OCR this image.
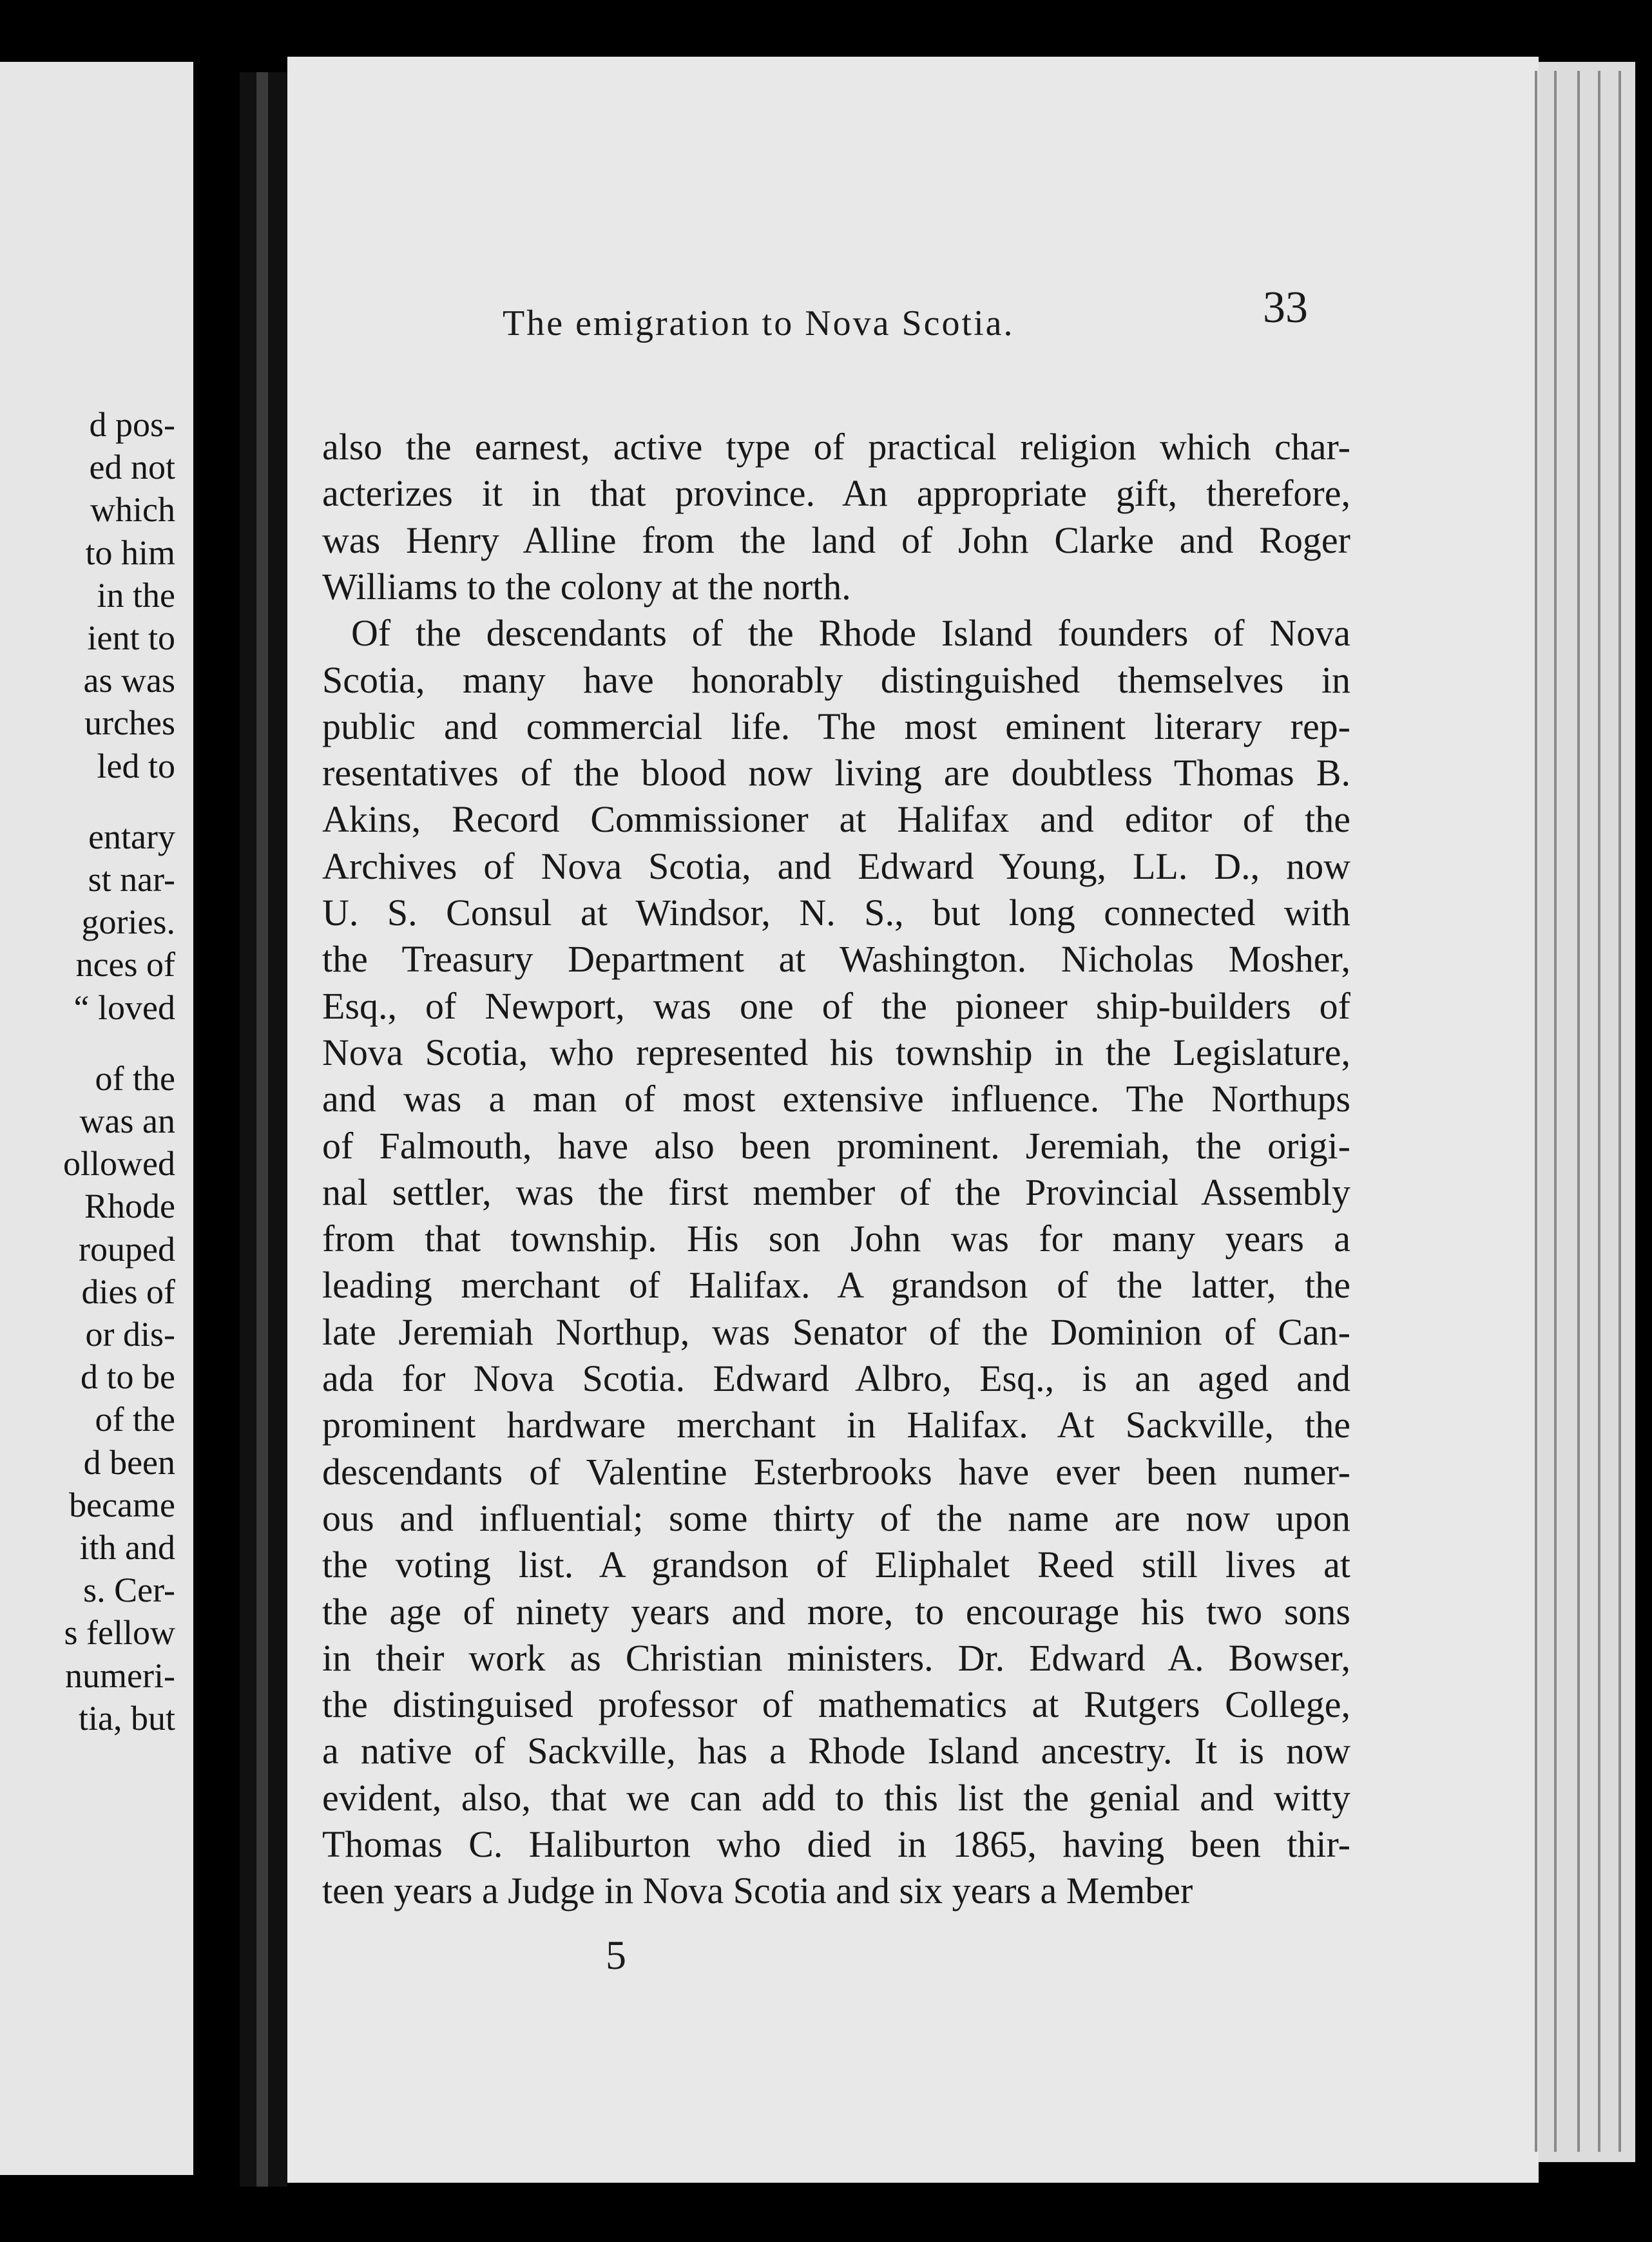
d pos-
ed not
which
to him
in the
ient to
as was
urches
led to
entary
st nar-
gories.
nces of
“ loved
of the
was an
ollowed
Rhode
rouped
dies of
or dis-
d to be
of the
d been
became
ith and
s. Cer-
s fellow
numeri-
tia, but
The emigration to Nova Scotia.	33
also the earnest, active type of practical religion which char-
acterizes it in that province. An appropriate gift, therefore,
was Henry Alline from the land of John Clarke and Roger
Williams to the colony at the north.
Of the descendants of the Rhode Island founders of Nova
Scotia, many have honorably distinguished themselves in
public and commercial life. The most eminent literary rep-
resentatives of the blood now living are doubtless Thomas B.
Akins, Record Commissioner at Halifax and editor of the
Archives of Nova Scotia, and Edward Young, LL. D., now
U. S. Consul at Windsor, N. S., but long connected with
the Treasury Department at Washington. Nicholas Mosher,
Esq., of Newport, was one of the pioneer ship-builders of
Nova Scotia, who represented his township in the Legislature,
and was a man of most extensive influence. The Northups
of Falmouth, have also been prominent. Jeremiah, the origi-
nal settler, was the first member of the Provincial Assembly
from that township. His son John was for many years a
leading merchant of Halifax. A grandson of the latter, the
late Jeremiah Northup, was Senator of the Dominion of Can-
ada for Nova Scotia. Edward Albro, Esq., is an aged and
prominent hardware merchant in Halifax. At Sackville, the
descendants of Valentine Esterbrooks have ever been numer-
ous and influential; some thirty of the name are now upon
the voting list. A grandson of Eliphalet Reed still lives at
the age of ninety years and more, to encourage his two sons
in their work as Christian ministers. Dr. Edward A. Bowser,
the distinguised professor of mathematics at Rutgers College,
a native of Sackville, has a Rhode Island ancestry. It is now
evident, also, that we can add to this list the genial and witty
Thomas C. Haliburton who died in 1865, having been thir-
teen years a Judge in Nova Scotia and six years a Member
5
